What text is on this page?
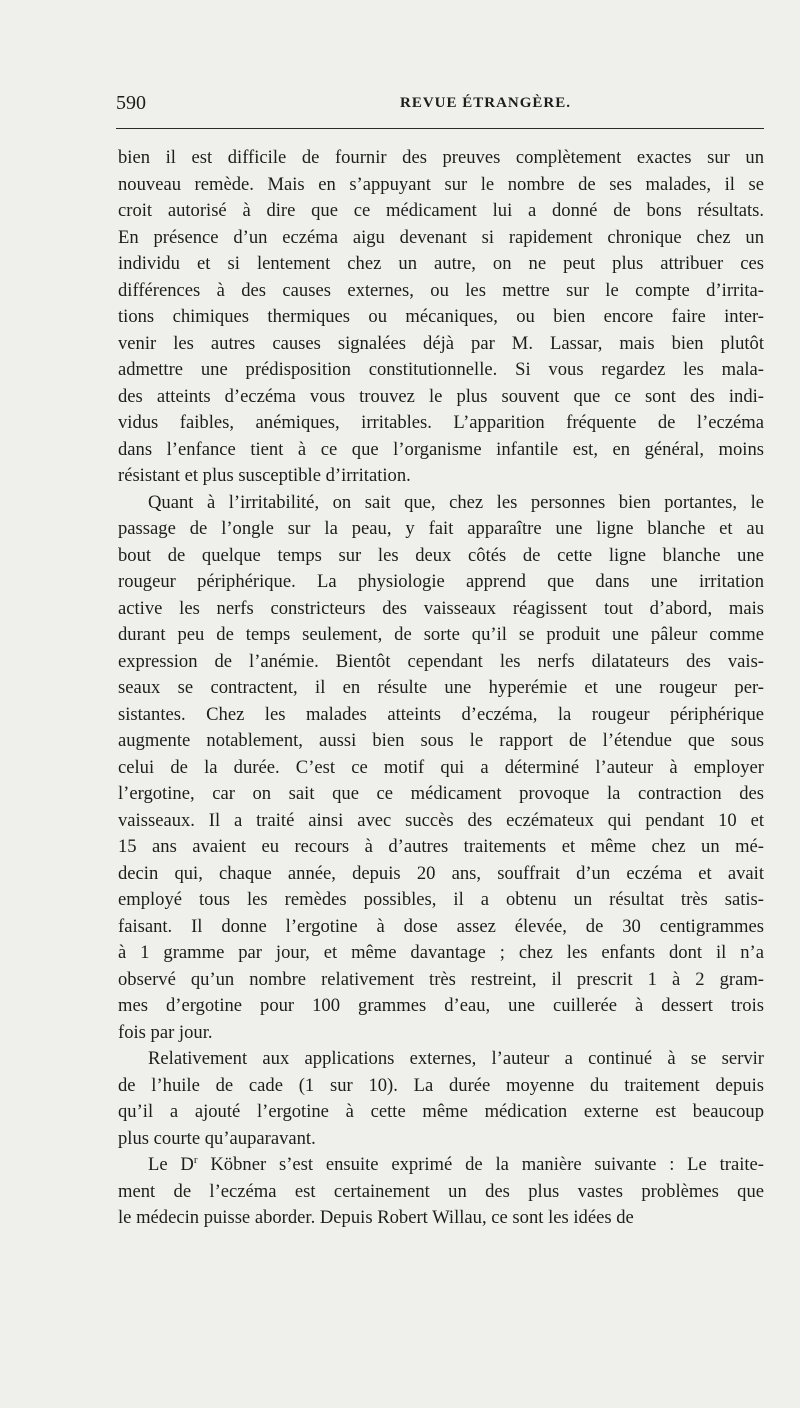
590	REVUE ÉTRANGÈRE.

bien il est difficile de fournir des preuves complètement exactes sur un
nouveau remède. Mais en s’appuyant sur le nombre de ses malades, il se
croit autorisé à dire que ce médicament lui a donné de bons résultats.
En présence d’un eczéma aigu devenant si rapidement chronique chez un
individu et si lentement chez un autre, on ne peut plus attribuer ces
différences à des causes externes, ou les mettre sur le compte d’irrita-
tions chimiques thermiques ou mécaniques, ou bien encore faire inter-
venir les autres causes signalées déjà par M. Lassar, mais bien plutôt
admettre une prédisposition constitutionnelle. Si vous regardez les mala-
des atteints d’eczéma vous trouvez le plus souvent que ce sont des indi-
vidus faibles, anémiques, irritables. L’apparition fréquente de l’eczéma
dans l’enfance tient à ce que l’organisme infantile est, en général, moins
résistant et plus susceptible d’irritation.

Quant à l’irritabilité, on sait que, chez les personnes bien portantes, le
passage de l’ongle sur la peau, y fait apparaître une ligne blanche et au
bout de quelque temps sur les deux côtés de cette ligne blanche une
rougeur périphérique. La physiologie apprend que dans une irritation
active les nerfs constricteurs des vaisseaux réagissent tout d’abord, mais
durant peu de temps seulement, de sorte qu’il se produit une pâleur comme
expression de l’anémie. Bientôt cependant les nerfs dilatateurs des vais-
seaux se contractent, il en résulte une hyperémie et une rougeur per-
sistantes. Chez les malades atteints d’eczéma, la rougeur périphérique
augmente notablement, aussi bien sous le rapport de l’étendue que sous
celui de la durée. C’est ce motif qui a déterminé l’auteur à employer
l’ergotine, car on sait que ce médicament provoque la contraction des
vaisseaux. Il a traité ainsi avec succès des eczémateux qui pendant 10 et
15 ans avaient eu recours à d’autres traitements et même chez un mé-
decin qui, chaque année, depuis 20 ans, souffrait d’un eczéma et avait
employé tous les remèdes possibles, il a obtenu un résultat très satis-
faisant. Il donne l’ergotine à dose assez élevée, de 30 centigrammes
à 1 gramme par jour, et même davantage ; chez les enfants dont il n’a
observé qu’un nombre relativement très restreint, il prescrit 1 à 2 gram-
mes d’ergotine pour 100 grammes d’eau, une cuillerée à dessert trois
fois par jour.

Relativement aux applications externes, l’auteur a continué à se servir
de l’huile de cade (1 sur 10). La durée moyenne du traitement depuis
qu’il a ajouté l’ergotine à cette même médication externe est beaucoup
plus courte qu’auparavant.

Le $D^r$ Köbner s’est ensuite exprimé de la manière suivante : Le traite-
ment de l’eczéma est certainement un des plus vastes problèmes que
le médecin puisse aborder. Depuis Robert Willau, ce sont les idées de
